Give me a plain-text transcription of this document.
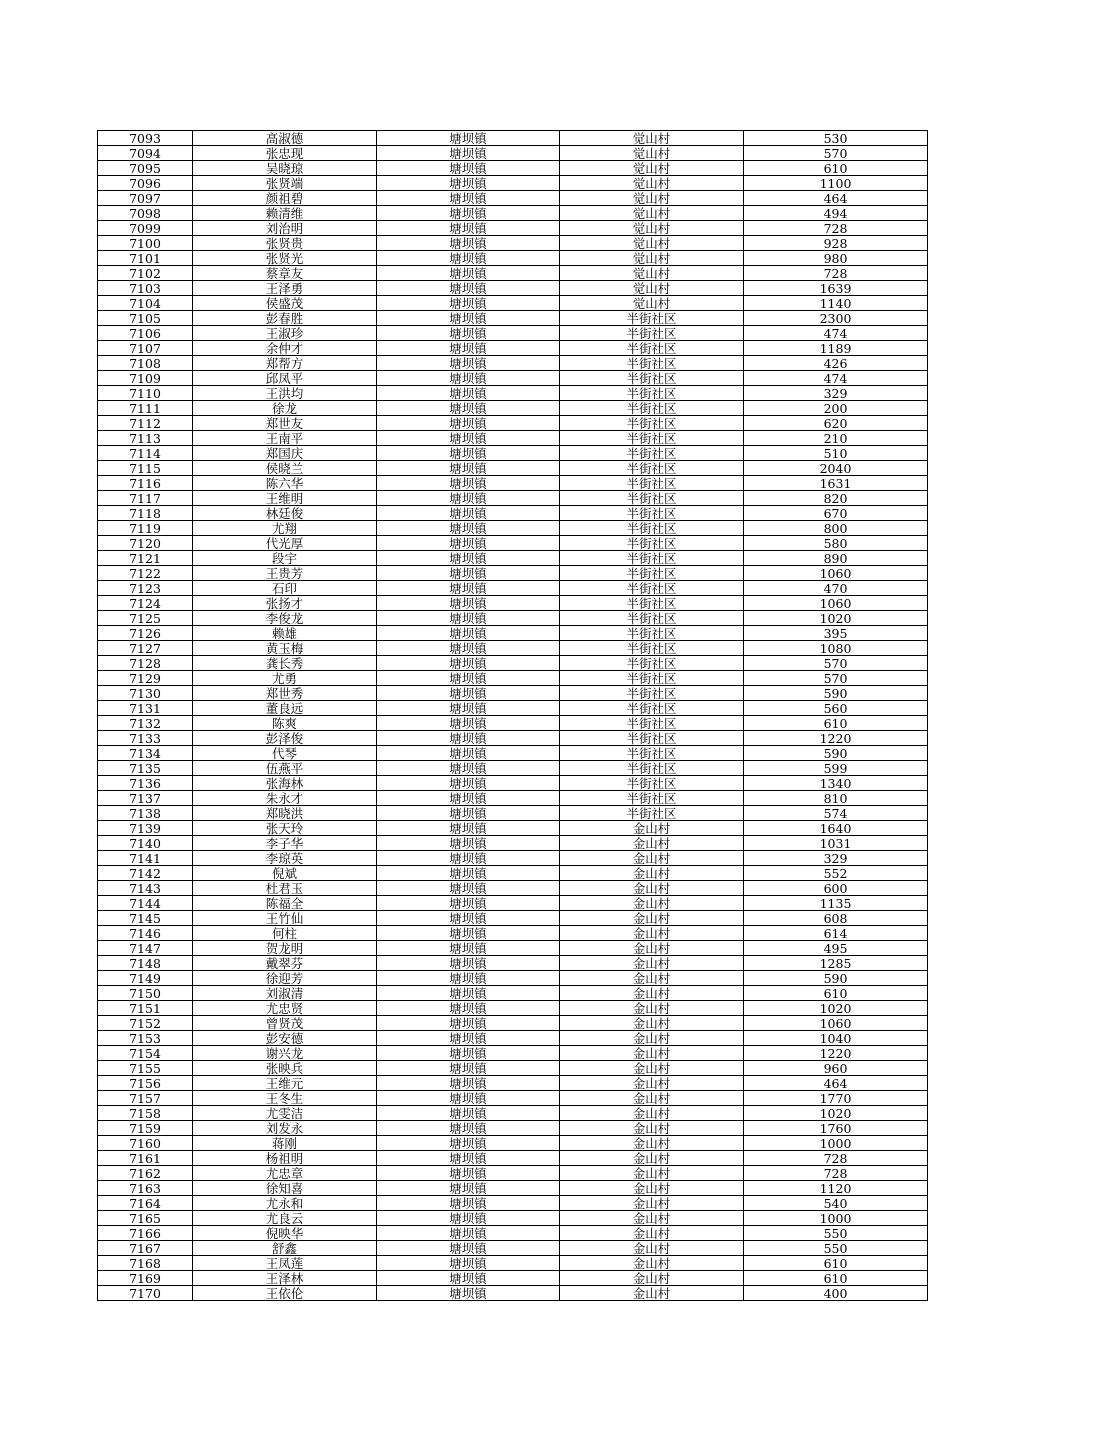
7093	高淑德	塘坝镇	觉山村	530
7094	张忠现	塘坝镇	觉山村	570
7095	吴晓琼	塘坝镇	觉山村	610
7096	张贤端	塘坝镇	觉山村	1100
7097	颜祖碧	塘坝镇	觉山村	464
7098	赖清维	塘坝镇	觉山村	494
7099	刘治明	塘坝镇	觉山村	728
7100	张贤贵	塘坝镇	觉山村	928
7101	张贤光	塘坝镇	觉山村	980
7102	蔡章友	塘坝镇	觉山村	728
7103	王泽勇	塘坝镇	觉山村	1639
7104	侯盛茂	塘坝镇	觉山村	1140
7105	彭春胜	塘坝镇	半街社区	2300
7106	王淑珍	塘坝镇	半街社区	474
7107	余仲才	塘坝镇	半街社区	1189
7108	郑帮方	塘坝镇	半街社区	426
7109	邱凤平	塘坝镇	半街社区	474
7110	王洪均	塘坝镇	半街社区	329
7111	徐龙	塘坝镇	半街社区	200
7112	郑世友	塘坝镇	半街社区	620
7113	王南平	塘坝镇	半街社区	210
7114	郑国庆	塘坝镇	半街社区	510
7115	侯晓兰	塘坝镇	半街社区	2040
7116	陈六华	塘坝镇	半街社区	1631
7117	王维明	塘坝镇	半街社区	820
7118	林廷俊	塘坝镇	半街社区	670
7119	尤翔	塘坝镇	半街社区	800
7120	代光厚	塘坝镇	半街社区	580
7121	段宇	塘坝镇	半街社区	890
7122	王贵芳	塘坝镇	半街社区	1060
7123	石印	塘坝镇	半街社区	470
7124	张扬才	塘坝镇	半街社区	1060
7125	李俊龙	塘坝镇	半街社区	1020
7126	赖雄	塘坝镇	半街社区	395
7127	黄玉梅	塘坝镇	半街社区	1080
7128	龚长秀	塘坝镇	半街社区	570
7129	尤勇	塘坝镇	半街社区	570
7130	郑世秀	塘坝镇	半街社区	590
7131	董良远	塘坝镇	半街社区	560
7132	陈爽	塘坝镇	半街社区	610
7133	彭泽俊	塘坝镇	半街社区	1220
7134	代琴	塘坝镇	半街社区	590
7135	伍燕平	塘坝镇	半街社区	599
7136	张海林	塘坝镇	半街社区	1340
7137	朱永才	塘坝镇	半街社区	810
7138	郑晓洪	塘坝镇	半街社区	574
7139	张天玲	塘坝镇	金山村	1640
7140	李子华	塘坝镇	金山村	1031
7141	李琼英	塘坝镇	金山村	329
7142	倪斌	塘坝镇	金山村	552
7143	杜君玉	塘坝镇	金山村	600
7144	陈福全	塘坝镇	金山村	1135
7145	王竹仙	塘坝镇	金山村	608
7146	何柱	塘坝镇	金山村	614
7147	贺龙明	塘坝镇	金山村	495
7148	戴翠芬	塘坝镇	金山村	1285
7149	徐迎芳	塘坝镇	金山村	590
7150	刘淑清	塘坝镇	金山村	610
7151	尤忠贤	塘坝镇	金山村	1020
7152	曾贤茂	塘坝镇	金山村	1060
7153	彭安德	塘坝镇	金山村	1040
7154	谢兴龙	塘坝镇	金山村	1220
7155	张映兵	塘坝镇	金山村	960
7156	王维元	塘坝镇	金山村	464
7157	王冬生	塘坝镇	金山村	1770
7158	尤雯洁	塘坝镇	金山村	1020
7159	刘发永	塘坝镇	金山村	1760
7160	蒋刚	塘坝镇	金山村	1000
7161	杨祖明	塘坝镇	金山村	728
7162	尤忠章	塘坝镇	金山村	728
7163	徐知喜	塘坝镇	金山村	1120
7164	尤永和	塘坝镇	金山村	540
7165	尤良云	塘坝镇	金山村	1000
7166	倪映华	塘坝镇	金山村	550
7167	舒鑫	塘坝镇	金山村	550
7168	王凤莲	塘坝镇	金山村	610
7169	王泽林	塘坝镇	金山村	610
7170	王依伦	塘坝镇	金山村	400
